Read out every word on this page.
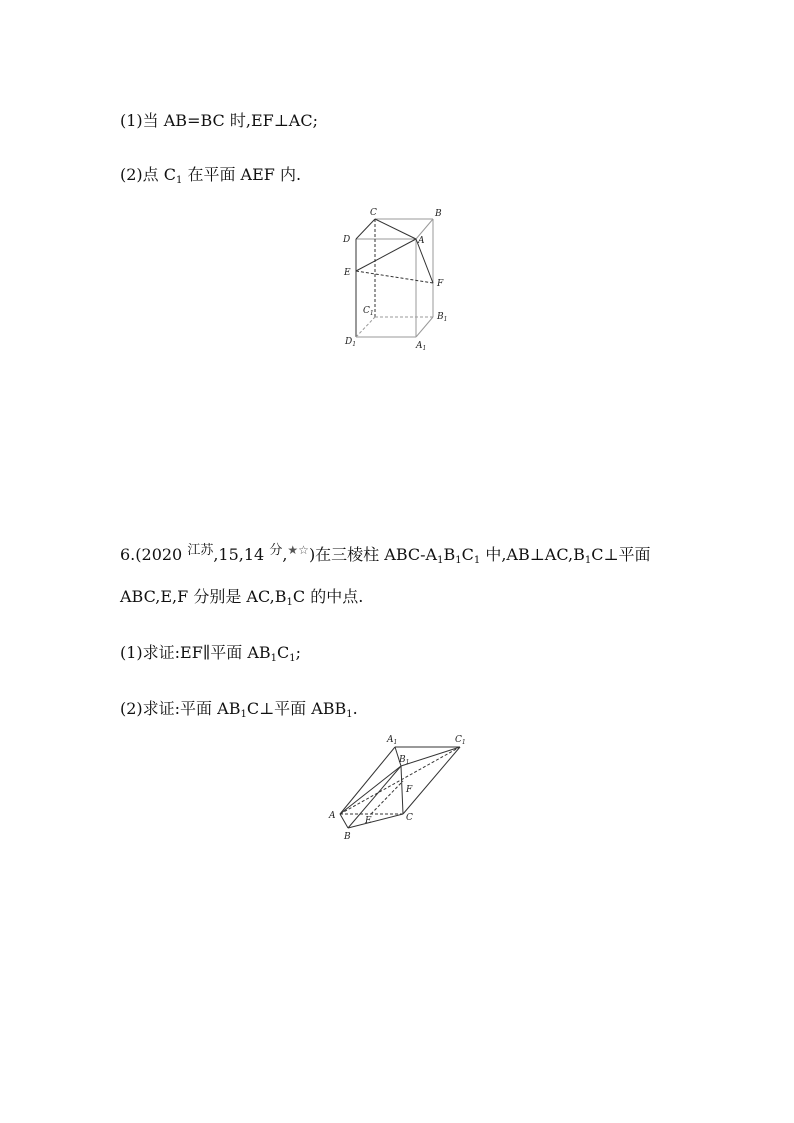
(1)当 AB=BC 时,EF⊥AC;
(2)点 $C_1$ 在平面 AEF 内.
C	B
D	A
E
F
$C_1$	$B_1$
$D_1$	$A_1$
6.(2020 $^{江苏}$,15,14 $^分$,★☆)在三棱柱 ABC-$A_1B_1C_1$ 中$,AB\perp AC,B_1C\perp$平面
ABC,E,F 分别是 $AC,B_1C$ 的中点.
(1)求证:EF∥平面 $AB_1C_1$;
(2)求证:平面 $AB_1C\perp$平面 $ABB_1$.
$A_1$	$C_1$
$B_1$
F
A	E	C
B
